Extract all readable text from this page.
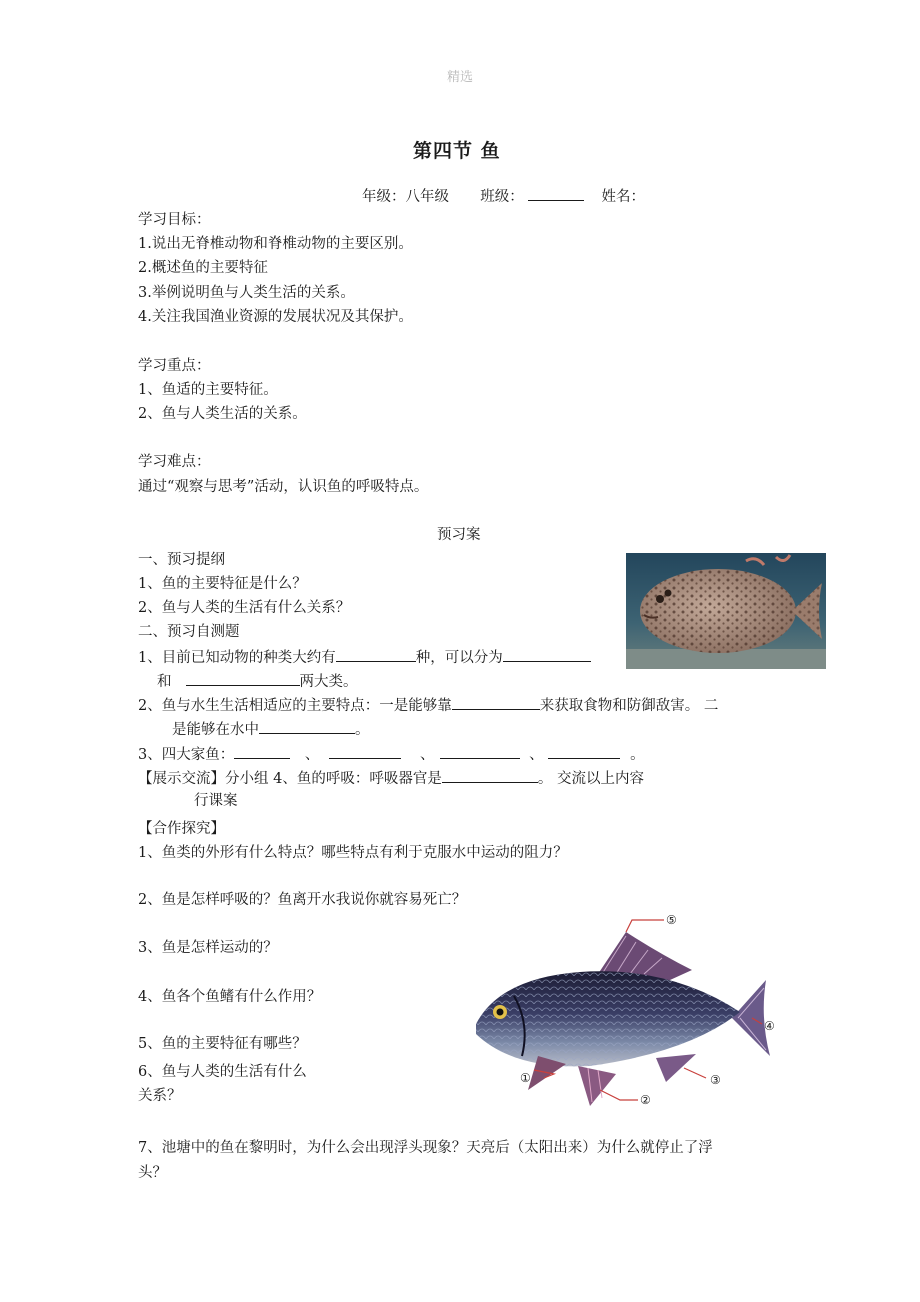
精选
第四节 鱼
年级：八年级 班级：	姓名：
学习目标：
1.说出无脊椎动物和脊椎动物的主要区别。
2.概述鱼的主要特征
3.举例说明鱼与人类生活的关系。
4.关注我国渔业资源的发展状况及其保护。
学习重点：
1、鱼适的主要特征。
2、鱼与人类生活的关系。
学习难点：
通过“观察与思考”活动，认识鱼的呼吸特点。
预习案
一、预习提纲
1、鱼的主要特征是什么？
2、鱼与人类的生活有什么关系？
二、预习自测题
1、目前已知动物的种类大约有	种，可以分为
和	两大类。
2、鱼与水生生活相适应的主要特点：一是能够靠	来获取食物和防御敌害。 二
是能够在水中	。
3、四大家鱼：	、	、	、	。
【展示交流】分小组 4、鱼的呼吸：呼吸器官是	。 交流以上内容
行课案
【合作探究】
1、鱼类的外形有什么特点？哪些特点有利于克服水中运动的阻力？
2、鱼是怎样呼吸的？鱼离开水我说你就容易死亡？
3、鱼是怎样运动的？
4、鱼各个鱼鳍有什么作用？
5、鱼的主要特征有哪些？
6、鱼与人类的生活有什么
关系？
⑤
④
③
②
①
7、池塘中的鱼在黎明时，为什么会出现浮头现象？天亮后（太阳出来）为什么就停止了浮
头？
